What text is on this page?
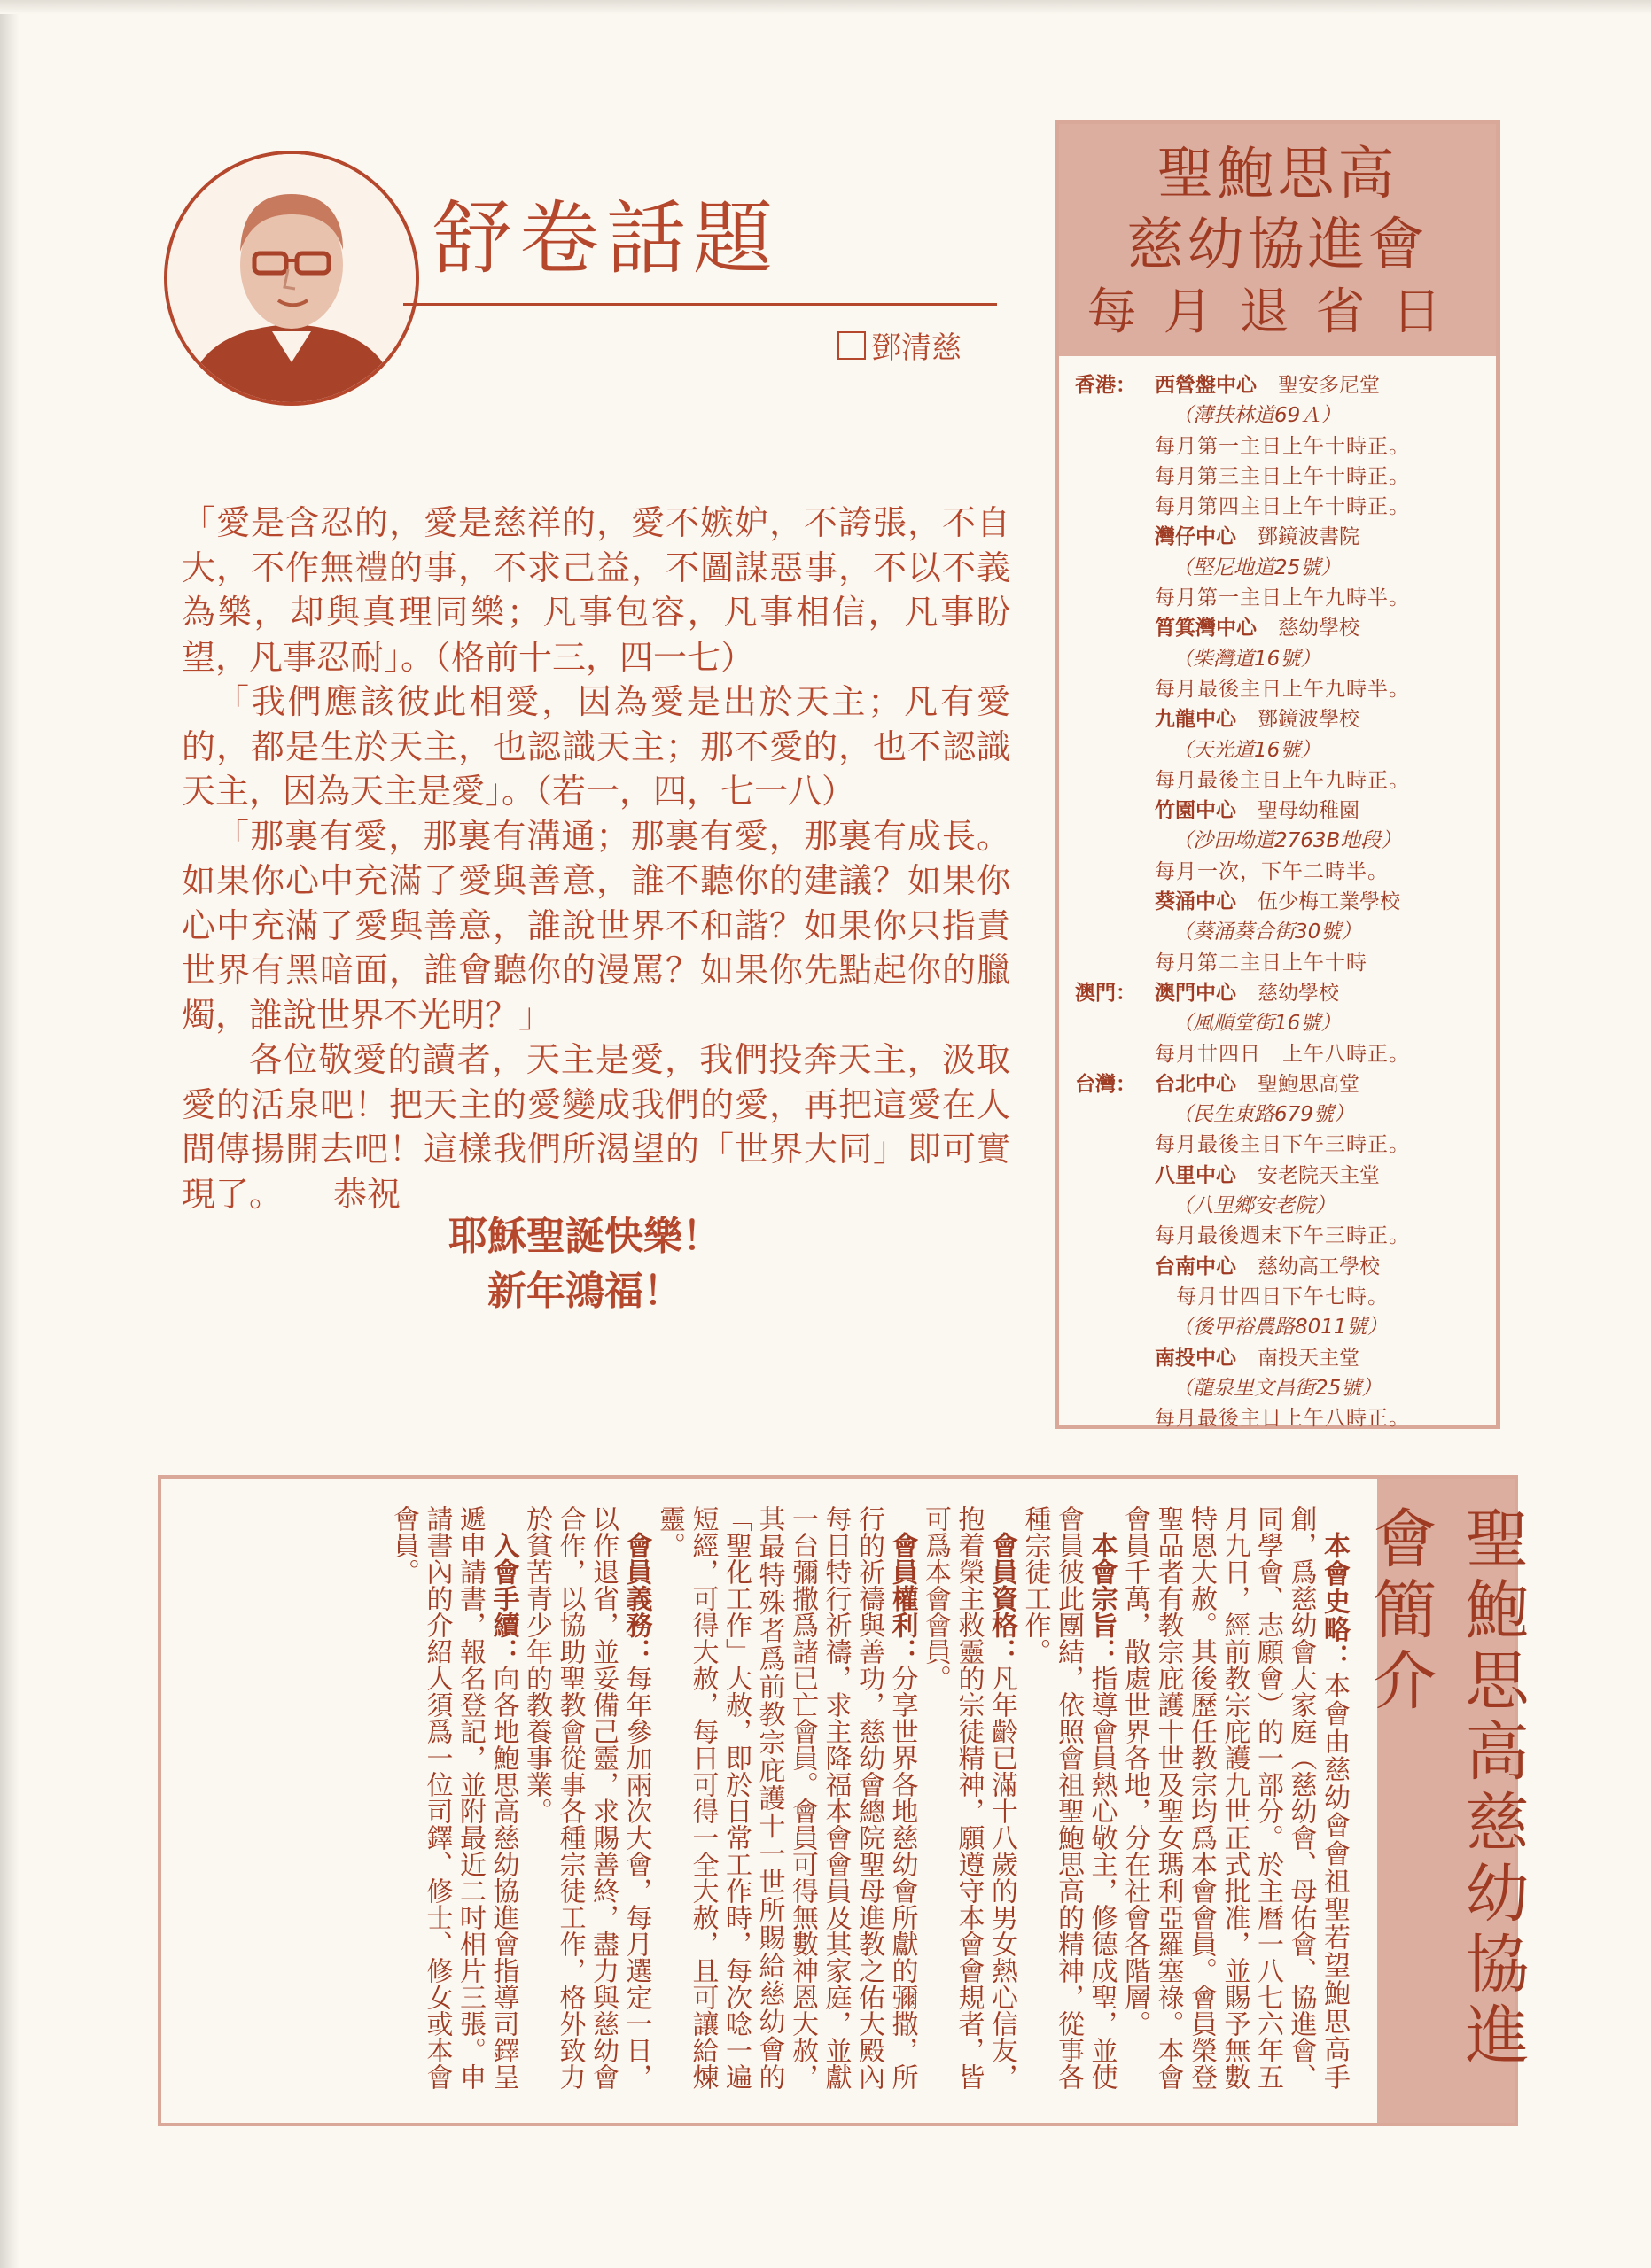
舒卷話題
鄧清慈

「愛是含忍的，愛是慈祥的，愛不嫉妒，不誇張，不自大，不作無禮的事，不求己益，不圖謀惡事，不以不義為樂，却與真理同樂；凡事包容，凡事相信，凡事盼望，凡事忍耐」。（格前十三，四一七）

「我們應該彼此相愛，因為愛是出於天主；凡有愛的，都是生於天主，也認識天主；那不愛的，也不認識天主，因為天主是愛」。（若一，四，七一八）

「那裏有愛，那裏有溝通；那裏有愛，那裏有成長。如果你心中充滿了愛與善意，誰不聽你的建議？如果你心中充滿了愛與善意，誰說世界不和諧？如果你只指責世界有黑暗面，誰會聽你的漫罵？如果你先點起你的臘燭，誰說世界不光明？」

各位敬愛的讀者，天主是愛，我們投奔天主，汲取愛的活泉吧！把天主的愛變成我們的愛，再把這愛在人間傳揚開去吧！這樣我們所渴望的「世界大同」即可實現了。　　恭祝

耶穌聖誕快樂！
新年鴻福！
聖鮑思高
慈幼協進會
每月退省日
香港： 西營盤中心 聖安多尼堂
（薄扶林道69Ａ）
每月第一主日上午十時正。
每月第三主日上午十時正。
每月第四主日上午十時正。
灣仔中心 鄧鏡波書院
（堅尼地道25號）
每月第一主日上午九時半。
筲箕灣中心 慈幼學校
（柴灣道16號）
每月最後主日上午九時半。
九龍中心 鄧鏡波學校
（天光道16號）
每月最後主日上午九時正。
竹園中心 聖母幼稚園
（沙田坳道2763B地段）
每月一次，下午二時半。
葵涌中心 伍少梅工業學校
（葵涌葵合街30號）
每月第二主日上午十時
澳門： 澳門中心 慈幼學校
（風順堂街16號）
每月廿四日　上午八時正。
台灣： 台北中心 聖鮑思高堂
（民生東路679號）
每月最後主日下午三時正。
八里中心 安老院天主堂
（八里鄉安老院）
每月最後週末下午三時正。
台南中心 慈幼高工學校
　每月廿四日下午七時。
（後甲裕農路8011號）
南投中心 南投天主堂
（龍泉里文昌街25號）
每月最後主日上午八時正。
聖鮑思高慈幼協進會簡介

本會史略：本會由慈幼會會祖聖若望鮑思高手創，爲慈幼會大家庭（慈幼會、母佑會、協進會、同學會、志願會）的一部分。於主曆一八七六年五月九日，經前教宗庇護九世正式批准，並賜予無數特恩大赦。其後歷任教宗均爲本會會員。會員榮登聖品者有教宗庇護十世及聖女瑪利亞羅塞祿。本會會員千萬，散處世界各地，分在社會各階層。

本會宗旨：指導會員熱心敬主，修德成聖，並使會員彼此團結，依照會祖聖鮑思高的精神，從事各種宗徒工作。

會員資格：凡年齡已滿十八歲的男女熱心信友，抱着榮主救靈的宗徒精神，願遵守本會會規者，皆可爲本會會員。

會員權利：分享世界各地慈幼會所獻的彌撒，所行的祈禱與善功，慈幼會總院聖母進教之佑大殿內每日特行祈禱，求主降福本會會員及其家庭，並獻一台彌撒爲諸已亡會員。會員可得無數神恩大赦，其最特殊者爲前教宗庇護十一世所賜給慈幼會的「聖化工作」大赦，即於日常工作時，每次唸一遍短經，可得大赦，每日可得一全大赦，且可讓給煉靈。

會員義務：每年參加兩次大會，每月選定一日，以作退省，並妥備己靈，求賜善終，盡力與慈幼會合作，以協助聖教會從事各種宗徒工作，格外致力於貧苦青少年的教養事業。

入會手續：向各地鮑思高慈幼協進會指導司鐸呈遞申請書，報名登記，並附最近二吋相片三張。申請書內的介紹人須爲一位司鐸、修士、修女或本會會員。
